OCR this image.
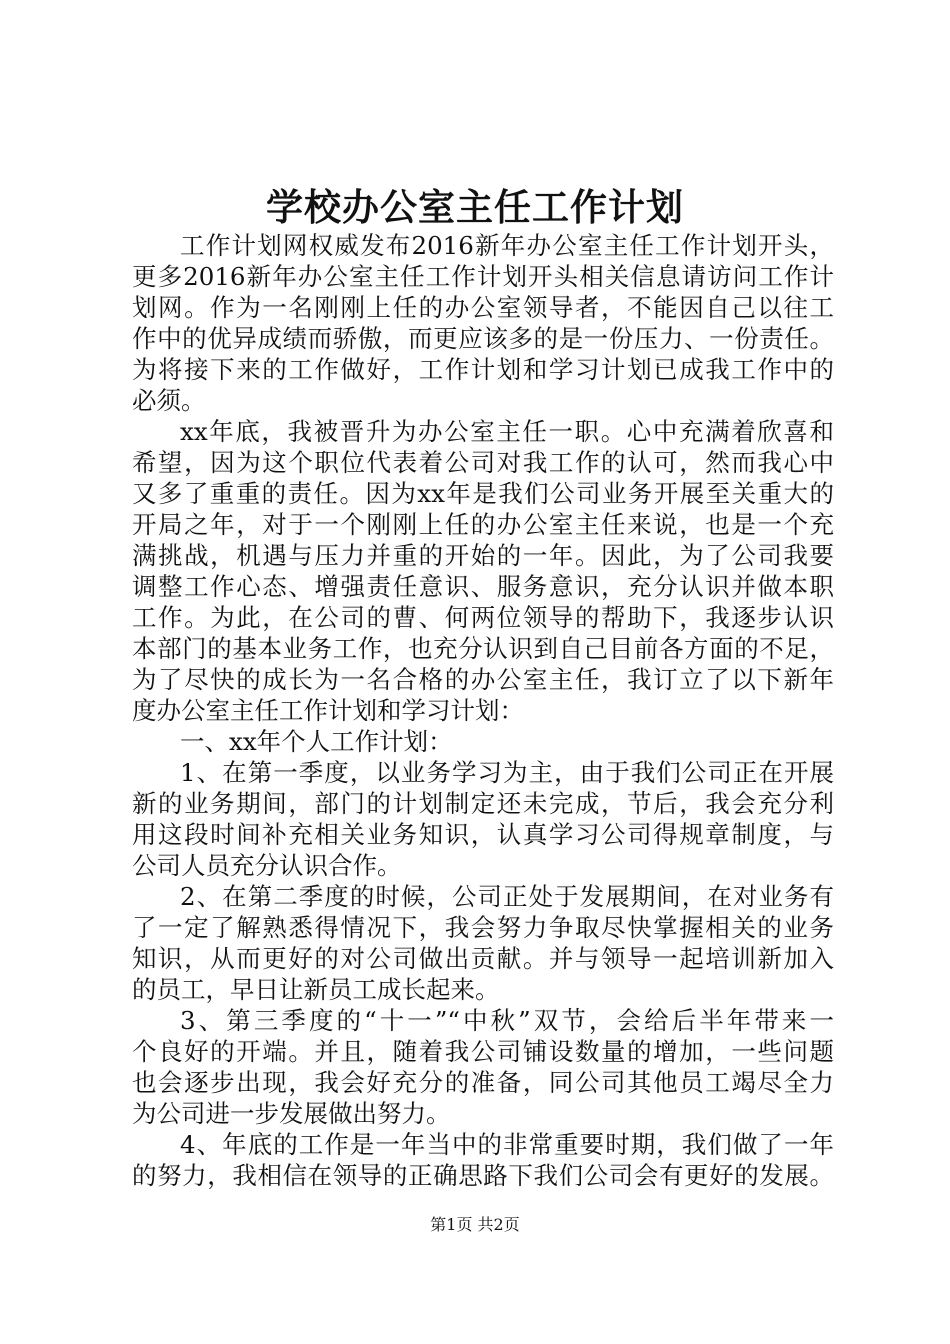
学校办公室主任工作计划
工作计划网权威发布2016新年办公室主任工作计划开头，
更多2016新年办公室主任工作计划开头相关信息请访问工作计
划网。作为一名刚刚上任的办公室领导者，不能因自己以往工
作中的优异成绩而骄傲，而更应该多的是一份压力、一份责任。
为将接下来的工作做好，工作计划和学习计划已成我工作中的
必须。
xx年底，我被晋升为办公室主任一职。心中充满着欣喜和
希望，因为这个职位代表着公司对我工作的认可，然而我心中
又多了重重的责任。因为xx年是我们公司业务开展至关重大的
开局之年，对于一个刚刚上任的办公室主任来说，也是一个充
满挑战，机遇与压力并重的开始的一年。因此，为了公司我要
调整工作心态、增强责任意识、服务意识，充分认识并做本职
工作。为此，在公司的曹、何两位领导的帮助下，我逐步认识
本部门的基本业务工作，也充分认识到自己目前各方面的不足，
为了尽快的成长为一名合格的办公室主任，我订立了以下新年
度办公室主任工作计划和学习计划：
一、xx年个人工作计划：
1、在第一季度，以业务学习为主，由于我们公司正在开展
新的业务期间，部门的计划制定还未完成，节后，我会充分利
用这段时间补充相关业务知识，认真学习公司得规章制度，与
公司人员充分认识合作。
2、在第二季度的时候，公司正处于发展期间，在对业务有
了一定了解熟悉得情况下，我会努力争取尽快掌握相关的业务
知识，从而更好的对公司做出贡献。并与领导一起培训新加入
的员工，早日让新员工成长起来。
3、第三季度的“十一”“中秋”双节，会给后半年带来一
个良好的开端。并且，随着我公司铺设数量的增加，一些问题
也会逐步出现，我会好充分的准备，同公司其他员工竭尽全力
为公司进一步发展做出努力。
4、年底的工作是一年当中的非常重要时期，我们做了一年
的努力，我相信在领导的正确思路下我们公司会有更好的发展。
第1页 共2页
